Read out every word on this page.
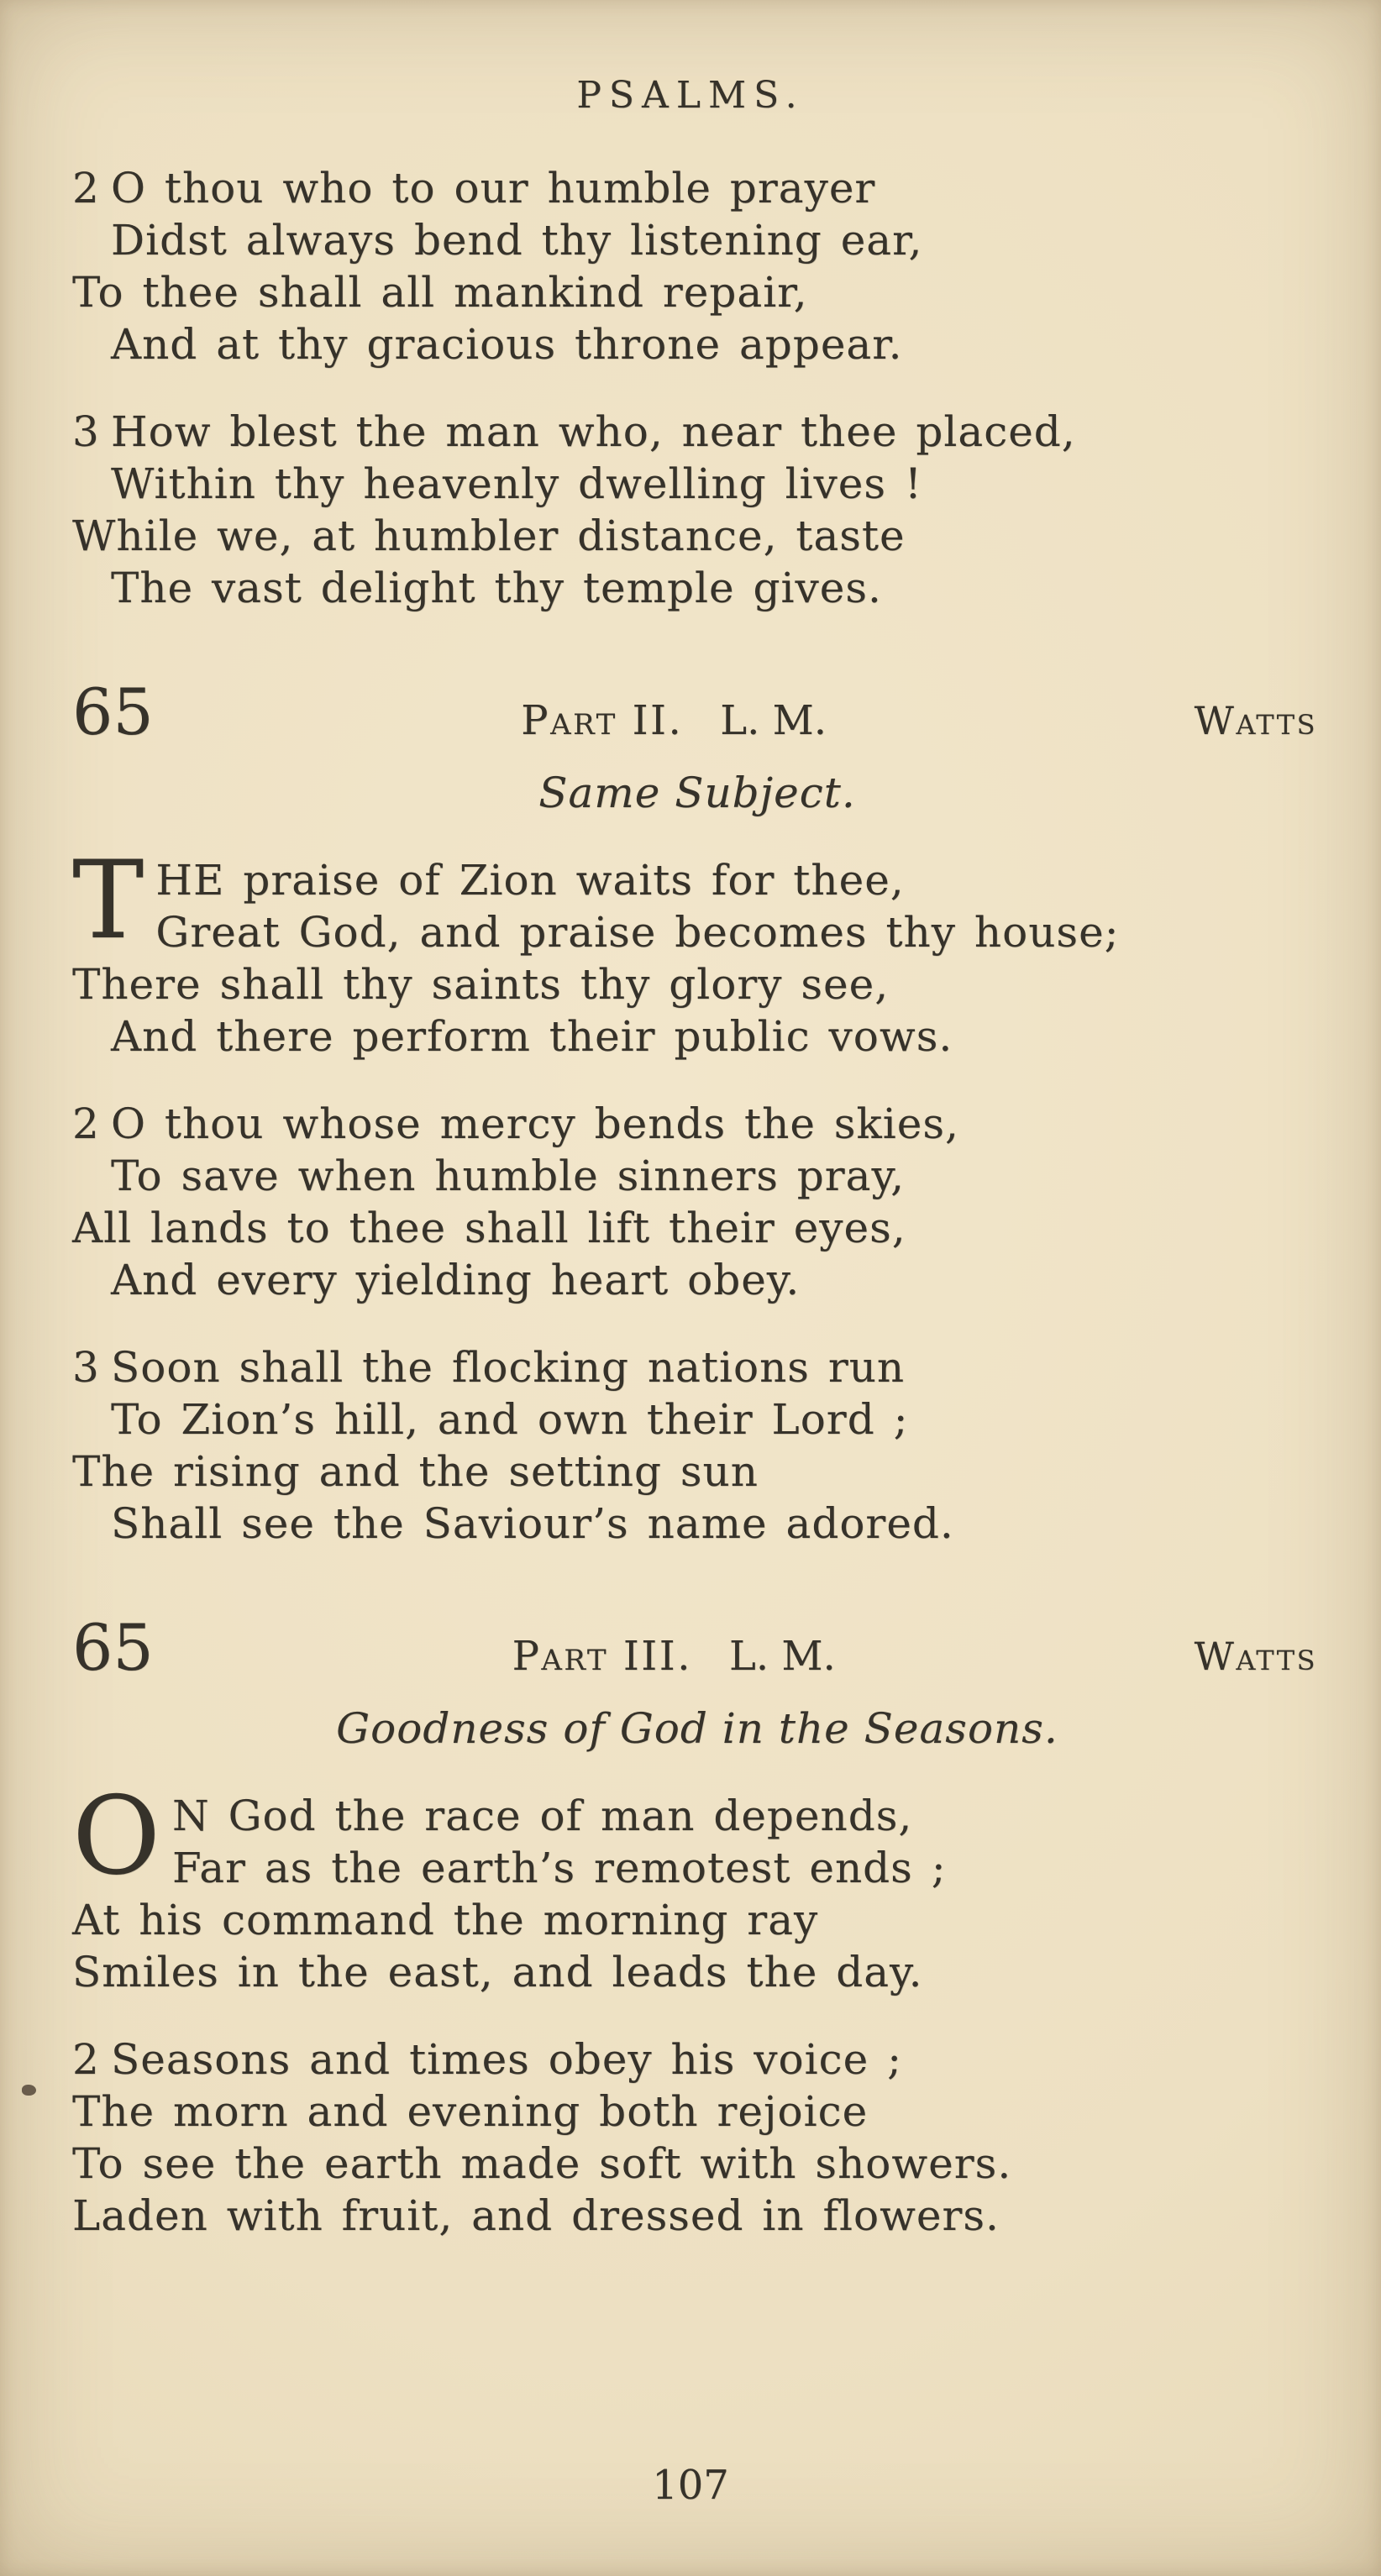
PSALMS.
2 O thou who to our humble prayer
Didst always bend thy listening ear,
To thee shall all mankind repair,
And at thy gracious throne appear.
3 How blest the man who, near thee placed,
Within thy heavenly dwelling lives !
While we, at humbler distance, taste
The vast delight thy temple gives.
65	Part II. L. M.	Watts
Same Subject.
T HE praise of Zion waits for thee,
Great God, and praise becomes thy house;
There shall thy saints thy glory see,
And there perform their public vows.
2 O thou whose mercy bends the skies,
To save when humble sinners pray,
All lands to thee shall lift their eyes,
And every yielding heart obey.
3 Soon shall the flocking nations run
To Zion’s hill, and own their Lord ;
The rising and the setting sun
Shall see the Saviour’s name adored.
65	Part III. L. M.	Watts
Goodness of God in the Seasons.
O N God the race of man depends,
Far as the earth’s remotest ends ;
At his command the morning ray
Smiles in the east, and leads the day.
2 Seasons and times obey his voice ;
The morn and evening both rejoice
To see the earth made soft with showers.
Laden with fruit, and dressed in flowers.
107
